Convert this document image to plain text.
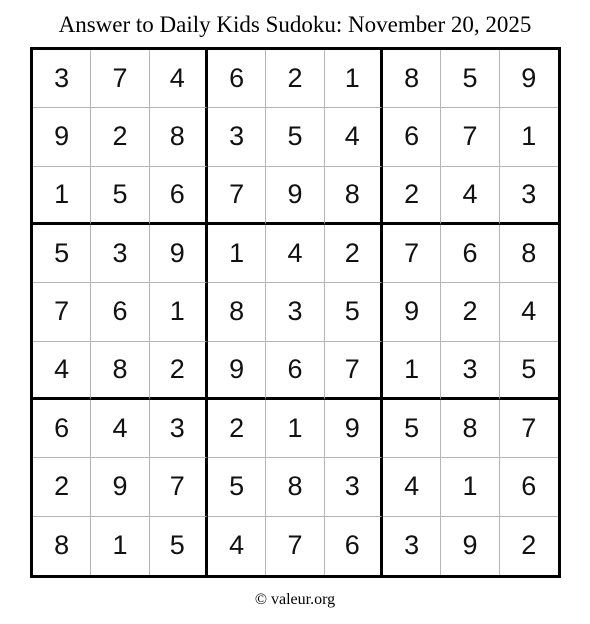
Answer to Daily Kids Sudoku: November 20, 2025
3	7	4	6	2	1	8	5	9
9	2	8	3	5	4	6	7	1
1	5	6	7	9	8	2	4	3
5	3	9	1	4	2	7	6	8
7	6	1	8	3	5	9	2	4
4	8	2	9	6	7	1	3	5
6	4	3	2	1	9	5	8	7
2	9	7	5	8	3	4	1	6
8	1	5	4	7	6	3	9	2
© valeur.org
